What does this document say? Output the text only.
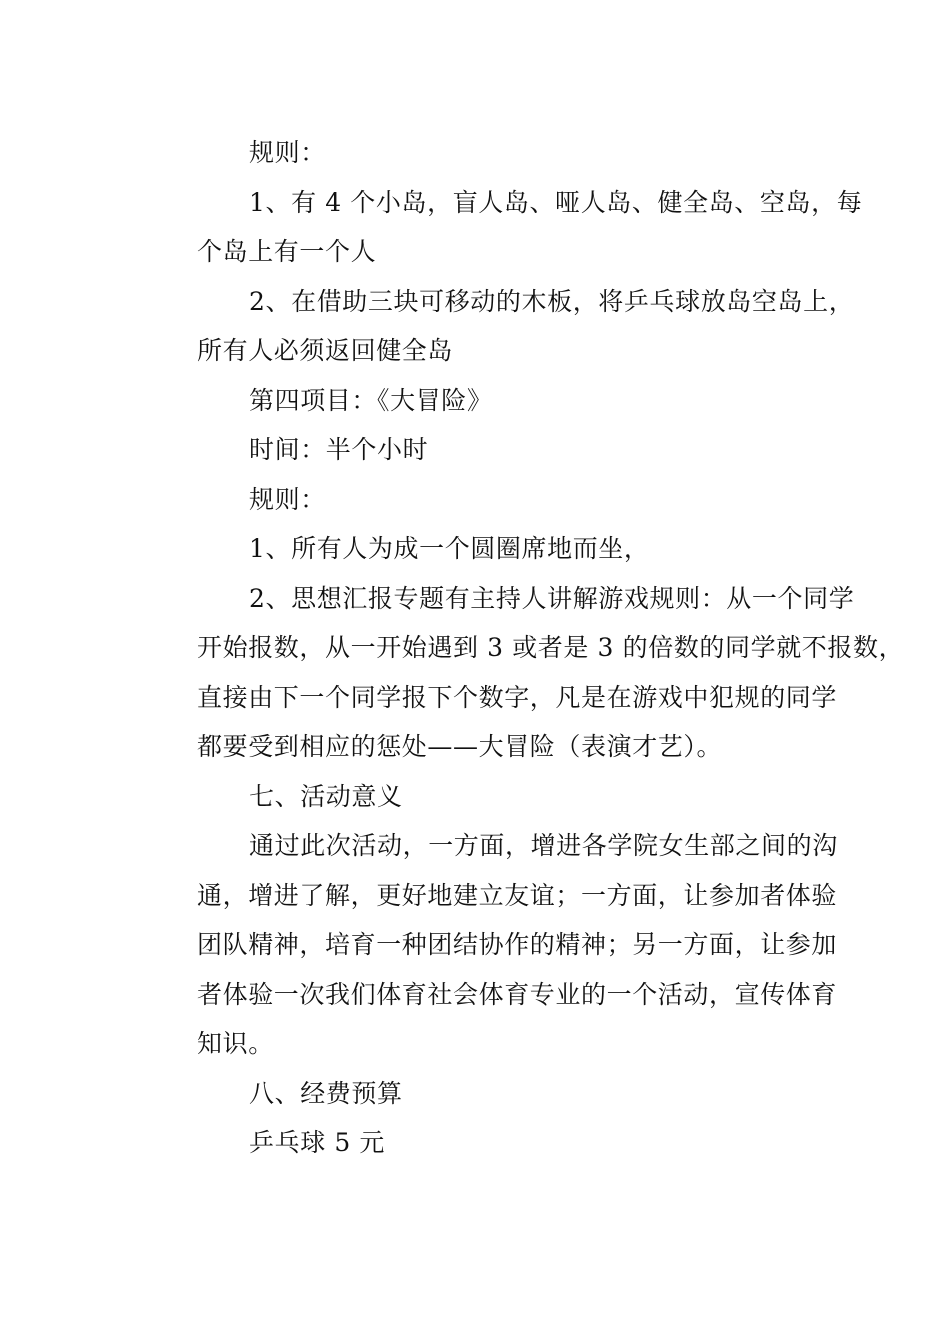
规则：
1、有 4 个小岛，盲人岛、哑人岛、健全岛、空岛，每
个岛上有一个人
2、在借助三块可移动的木板，将乒乓球放岛空岛上，
所有人必须返回健全岛
第四项目：《大冒险》
时间：半个小时
规则：
1、所有人为成一个圆圈席地而坐，
2、思想汇报专题有主持人讲解游戏规则：从一个同学
开始报数，从一开始遇到 3 或者是 3 的倍数的同学就不报数，
直接由下一个同学报下个数字，凡是在游戏中犯规的同学
都要受到相应的惩处——大冒险（表演才艺）。
七、活动意义
通过此次活动，一方面，增进各学院女生部之间的沟
通，增进了解，更好地建立友谊；一方面，让参加者体验
团队精神，培育一种团结协作的精神；另一方面，让参加
者体验一次我们体育社会体育专业的一个活动，宣传体育
知识。
八、经费预算
乒乓球 5 元
